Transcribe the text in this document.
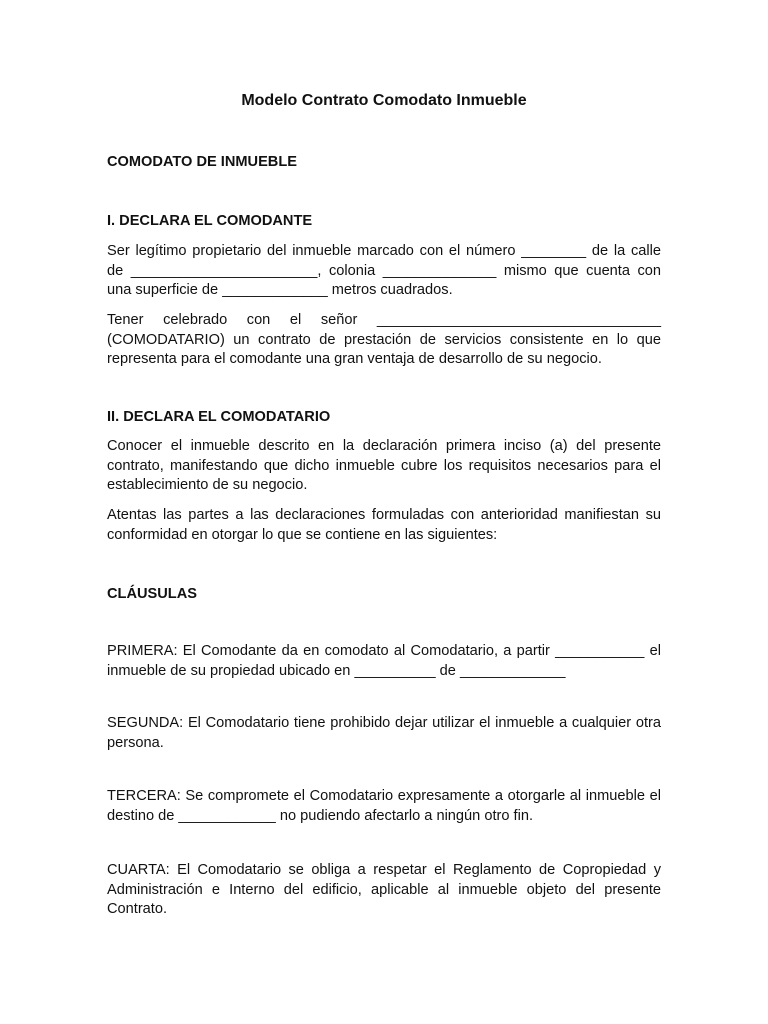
Modelo Contrato Comodato Inmueble

COMODATO DE INMUEBLE

I. DECLARA EL COMODANTE

Ser legítimo propietario del inmueble marcado con el número ________ de la calle de _______________________, colonia ______________ mismo que cuenta con una superficie de _____________ metros cuadrados.

Tener celebrado con el señor ___________________________________ (COMODATARIO) un contrato de prestación de servicios consistente en lo que representa para el comodante una gran ventaja de desarrollo de su negocio.

II. DECLARA EL COMODATARIO

Conocer el inmueble descrito en la declaración primera inciso (a) del presente contrato, manifestando que dicho inmueble cubre los requisitos necesarios para el establecimiento de su negocio.

Atentas las partes a las declaraciones formuladas con anterioridad manifiestan su conformidad en otorgar lo que se contiene en las siguientes:

CLÁUSULAS

PRIMERA: El Comodante da en comodato al Comodatario, a partir ___________ el inmueble de su propiedad ubicado en __________ de _____________

SEGUNDA: El Comodatario tiene prohibido dejar utilizar el inmueble a cualquier otra persona.

TERCERA: Se compromete el Comodatario expresamente a otorgarle al inmueble el destino de ____________ no pudiendo afectarlo a ningún otro fin.

CUARTA: El Comodatario se obliga a respetar el Reglamento de Copropiedad y Administración e Interno del edificio, aplicable al inmueble objeto del presente Contrato.
